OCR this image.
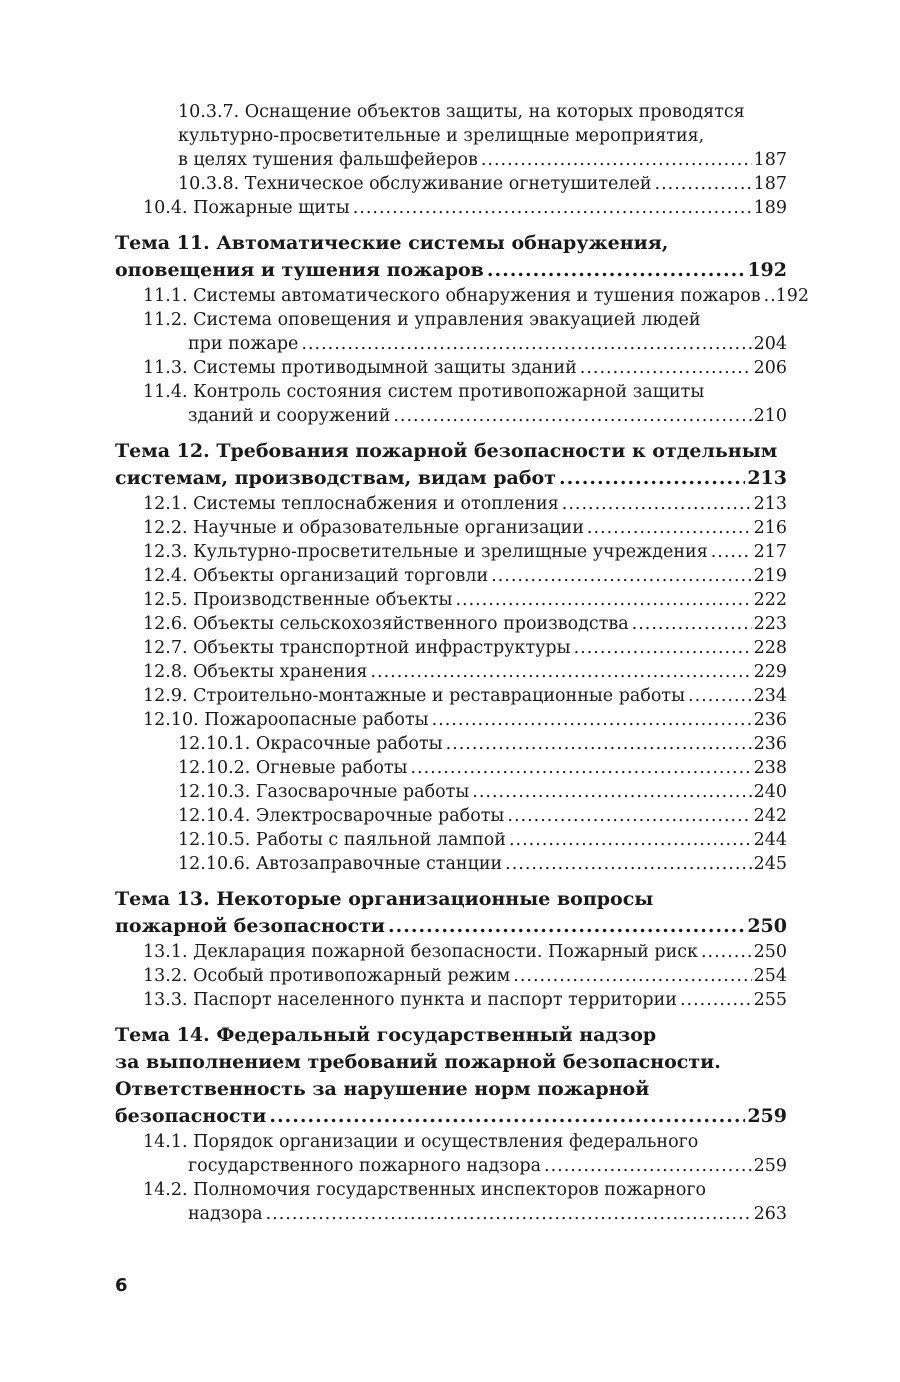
10.3.7. Оснащение объектов защиты, на которых проводятся
культурно-просветительные и зрелищные мероприятия,
в целях тушения фальшфейеров .....	187
10.3.8. Техническое обслуживание огнетушителей .....	187
10.4. Пожарные щиты .....	189
Тема 11. Автоматические системы обнаружения,
оповещения и тушения пожаров .....	192
11.1. Системы автоматического обнаружения и тушения пожаров ..... 192
11.2. Система оповещения и управления эвакуацией людей
при пожаре .....	204
11.3. Системы противодымной защиты зданий .....	206
11.4. Контроль состояния систем противопожарной защиты
зданий и сооружений .....	210
Тема 12. Требования пожарной безопасности к отдельным
системам, производствам, видам работ .....	213
12.1. Системы теплоснабжения и отопления .....	213
12.2. Научные и образовательные организации .....	216
12.3. Культурно-просветительные и зрелищные учреждения .....	217
12.4. Объекты организаций торговли .....	219
12.5. Производственные объекты .....	222
12.6. Объекты сельскохозяйственного производства .....	223
12.7. Объекты транспортной инфраструктуры .....	228
12.8. Объекты хранения .....	229
12.9. Строительно-монтажные и реставрационные работы .....	234
12.10. Пожароопасные работы .....	236
12.10.1. Окрасочные работы .....	236
12.10.2. Огневые работы .....	238
12.10.3. Газосварочные работы .....	240
12.10.4. Электросварочные работы .....	242
12.10.5. Работы с паяльной лампой .....	244
12.10.6. Автозаправочные станции .....	245
Тема 13. Некоторые организационные вопросы
пожарной безопасности .....	250
13.1. Декларация пожарной безопасности. Пожарный риск .....	250
13.2. Особый противопожарный режим .....	254
13.3. Паспорт населенного пункта и паспорт территории .....	255
Тема 14. Федеральный государственный надзор
за выполнением требований пожарной безопасности.
Ответственность за нарушение норм пожарной
безопасности .....	259
14.1. Порядок организации и осуществления федерального
государственного пожарного надзора .....	259
14.2. Полномочия государственных инспекторов пожарного
надзора .....	263
6
